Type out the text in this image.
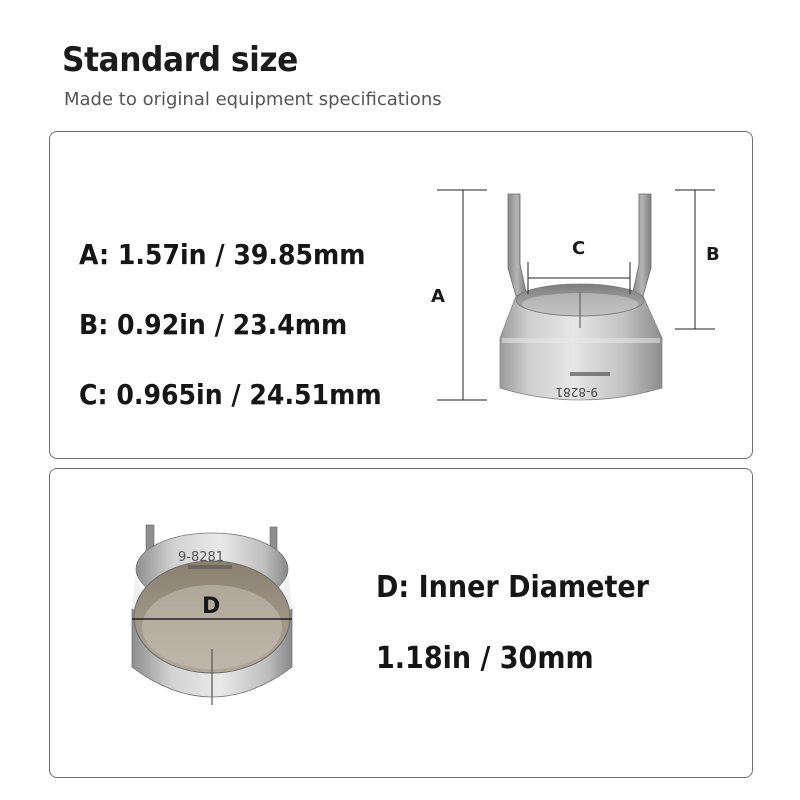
Standard size

Made to original equipment specifications

A: 1.57in / 39.85mm

B: 0.92in / 23.4mm

C: 0.965in / 24.51mm	9-8281
A
B
C
9-8281
D

D: Inner Diameter

1.18in / 30mm
